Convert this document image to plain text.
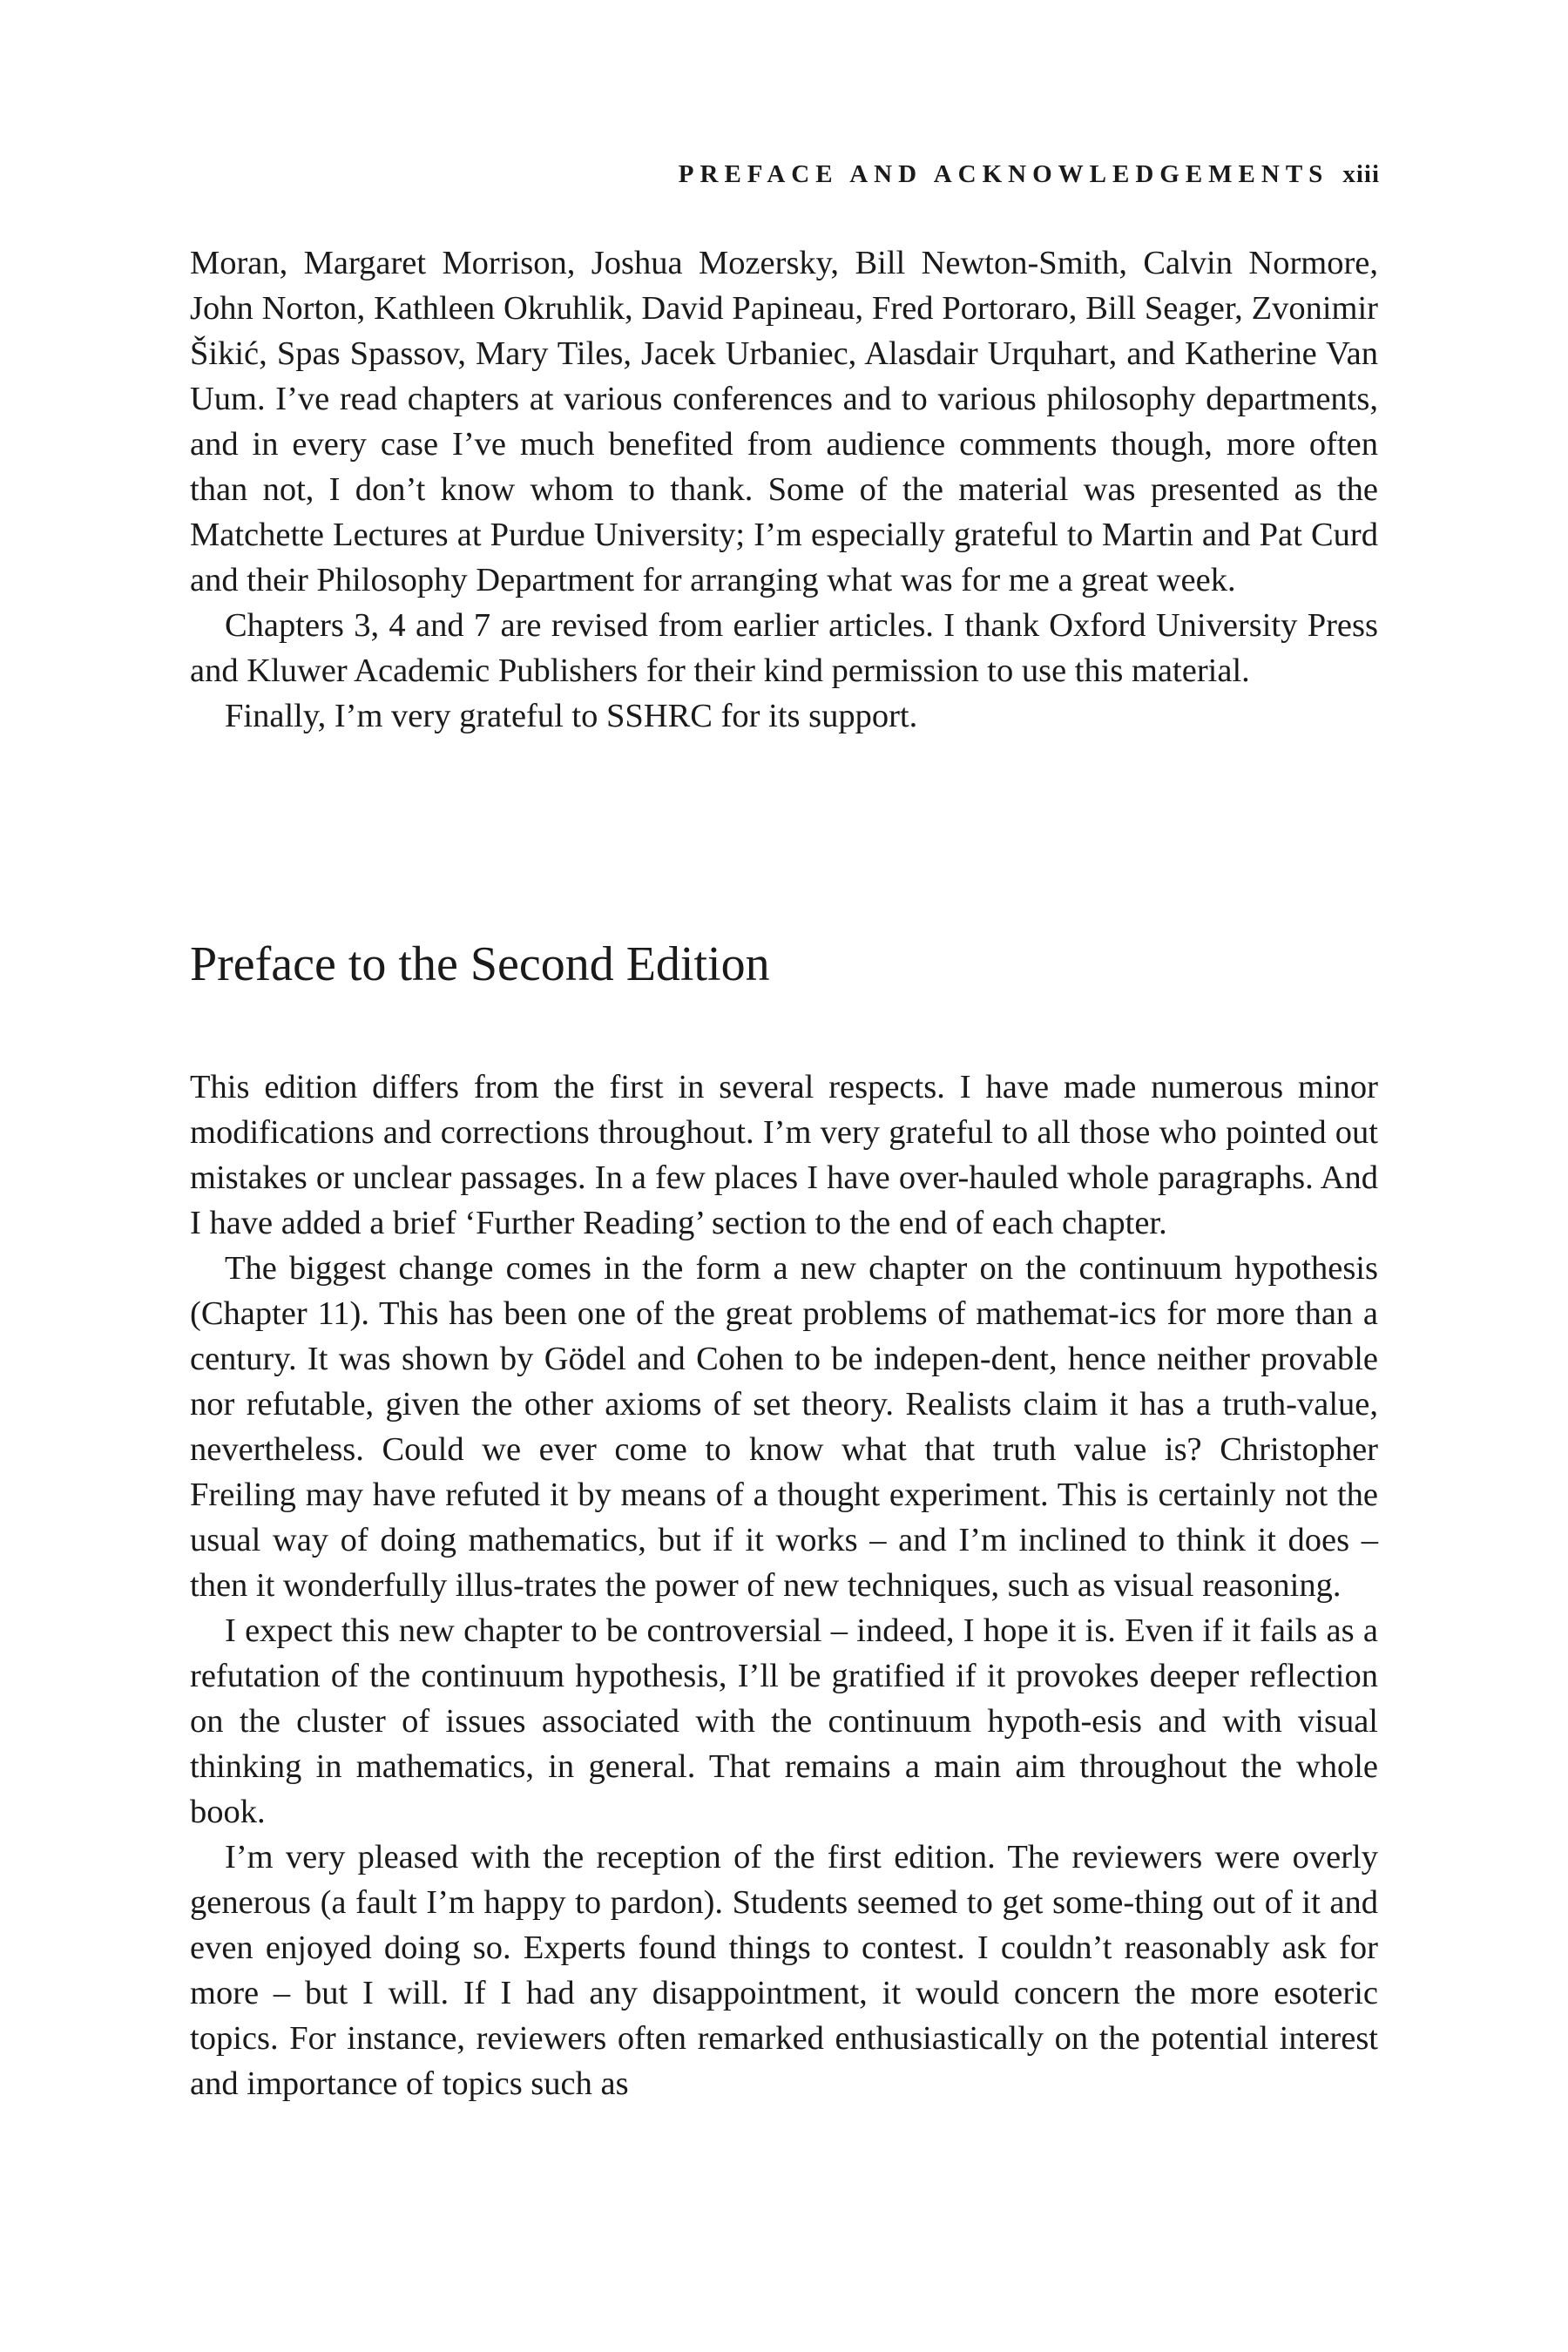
PREFACE AND ACKNOWLEDGEMENTS xiii

Moran, Margaret Morrison, Joshua Mozersky, Bill Newton-Smith, Calvin Normore, John Norton, Kathleen Okruhlik, David Papineau, Fred Portoraro, Bill Seager, Zvonimir Šikić, Spas Spassov, Mary Tiles, Jacek Urbaniec, Alasdair Urquhart, and Katherine Van Uum. I’ve read chapters at various conferences and to various philosophy departments, and in every case I’ve much benefited from audience comments though, more often than not, I don’t know whom to thank. Some of the material was presented as the Matchette Lectures at Purdue University; I’m especially grateful to Martin and Pat Curd and their Philosophy Department for arranging what was for me a great week.

Chapters 3, 4 and 7 are revised from earlier articles. I thank Oxford University Press and Kluwer Academic Publishers for their kind permission to use this material.

Finally, I’m very grateful to SSHRC for its support.

Preface to the Second Edition

This edition differs from the first in several respects. I have made numerous minor modifications and corrections throughout. I’m very grateful to all those who pointed out mistakes or unclear passages. In a few places I have over-hauled whole paragraphs. And I have added a brief ‘Further Reading’ section to the end of each chapter.

The biggest change comes in the form a new chapter on the continuum hypothesis (Chapter 11). This has been one of the great problems of mathemat-ics for more than a century. It was shown by Gödel and Cohen to be indepen-dent, hence neither provable nor refutable, given the other axioms of set theory. Realists claim it has a truth-value, nevertheless. Could we ever come to know what that truth value is? Christopher Freiling may have refuted it by means of a thought experiment. This is certainly not the usual way of doing mathematics, but if it works – and I’m inclined to think it does – then it wonderfully illus-trates the power of new techniques, such as visual reasoning.

I expect this new chapter to be controversial – indeed, I hope it is. Even if it fails as a refutation of the continuum hypothesis, I’ll be gratified if it provokes deeper reflection on the cluster of issues associated with the continuum hypoth-esis and with visual thinking in mathematics, in general. That remains a main aim throughout the whole book.

I’m very pleased with the reception of the first edition. The reviewers were overly generous (a fault I’m happy to pardon). Students seemed to get some-thing out of it and even enjoyed doing so. Experts found things to contest. I couldn’t reasonably ask for more – but I will. If I had any disappointment, it would concern the more esoteric topics. For instance, reviewers often remarked enthusiastically on the potential interest and importance of topics such as
